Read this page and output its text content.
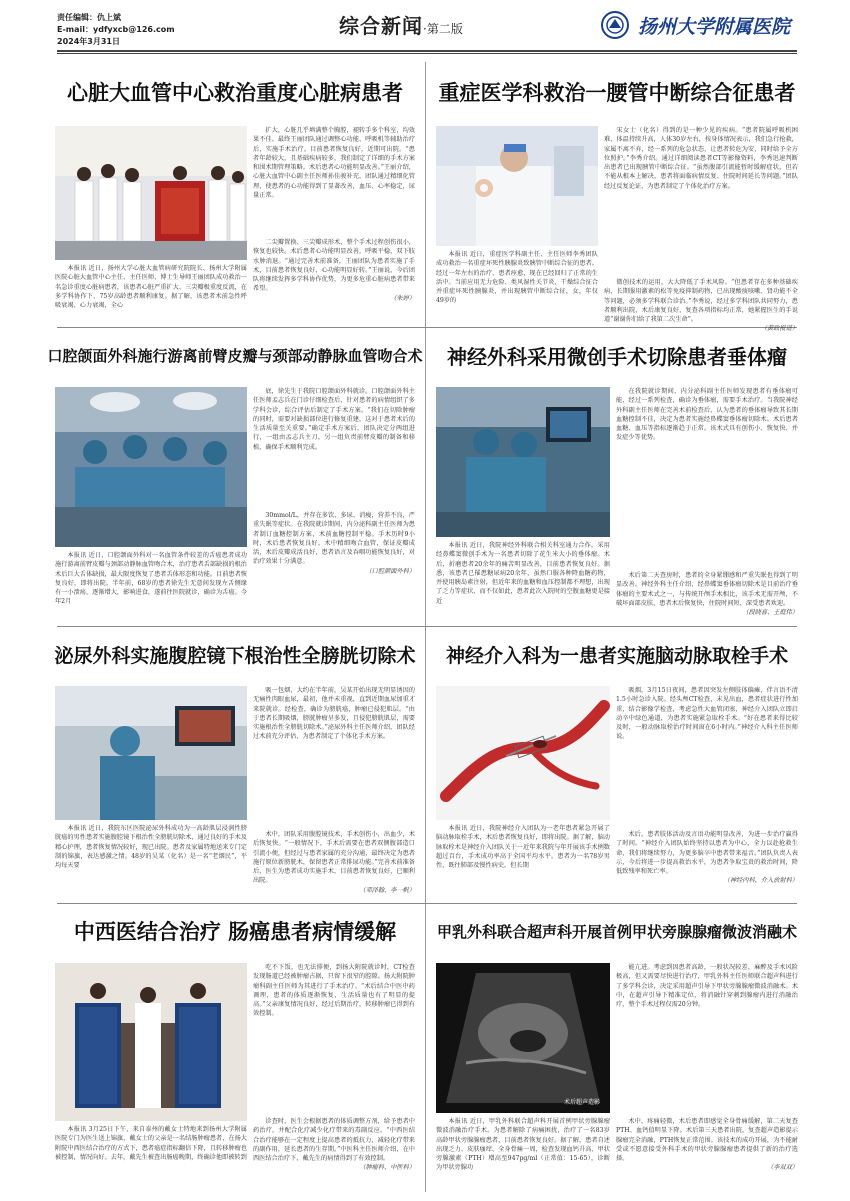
责任编辑：仇上斌
E-mail：ydfyxcb@126.com
2024年3月31日
综合新闻·第二版	扬州大学附属医院
心脏大血管中心救治重度心脏病患者

本报讯 近日，扬州大学心脏大血管病研究院院长、扬州大学附属医院心脏大血管中心主任、主任医师、博士生导师王丽团队成功救治一名急诊重度心脏病患者，该患者心脏严重扩大、三尖瓣极重度反流，在多学科协作下，75岁高龄患者顺利康复。据了解，该患者术前急性呼吸衰竭、心力衰竭，全心

扩大，心脏几乎填满整个胸腔，褪转手多个科室，均效果不佳。最终王丽团队通过调整心功能、呼吸机等辅助治疗后，实施手术治疗。目前患者恢复良好，近期可出院。“患者年龄较大，且基础疾病较多，我们制定了详细的手术方案和围术期管理策略。术后患者心功能明显改善。”王丽介绍，心脏大血管中心副主任医师孙佳骏补充，团队通过精细化管理，使患者的心功能得到了显著改善，血压、心率稳定，尿量正常。

二尖瓣置换、三尖瓣成形术，整个手术过程创伤很小，恢复也较快。术后患者心功能明显改善，呼吸平稳，双下肢水肿消退。“通过完善术前准备，王丽团队为患者实施了手术，目前患者恢复良好，心功能明显好转。”王丽说，今后团队将继续发挥多学科协作优势，为更多危重心脏病患者带来希望。

（朱婷）
重症医学科救治一腰管中断综合征患者

本报讯 近日，重症医学科副主任、主任医师李秀团队成功救治一名重症坏死性胰腺炎致胰管中断综合征的患者。经过一年左右的治疗，患者痊愈，现在已经回归了正常的生活中。当前应用无力危险、类风湿性关节炎、干燥综合征合并重症坏死性胰腺炎，并出现胰管中断综合征，女，年仅49岁的

宋女士（化名）得到的是一种少见的疾病。“患者院属呼吸机困难，体温持续升高，人体30岁左右，按身体情况表示，我们急行抢救，家属不离不弃，经一系列的危急状态，让患者转危为安，同时给予全方位照护。”李秀介绍。通过详细阅读患者CT等影像资料，李秀迅速判断出患者已出现胰管中断综合征。“虽然腹部引流能暂时缓解症状，但若不能从根本上解决，患者将面临病情反复、住院时间延长等问题。”团队经过反复论证，为患者制定了个体化治疗方案。

微创技术的运用，大大降低了手术风险。“但患者存在多种基础疾病，长期服用激素的松等免疫抑制药物，已出现酸痰咳嗽、肾功能不全等问题，必须多学科联合诊治。”李秀说，经过多学科团队共同努力，患者顺利出院，术后康复良好，复查各项指标均正常，她紧握医生的手说道“谢谢你们给了我第二次生命”。

（黄政报道）
口腔颌面外科施行游离前臂皮瓣与颈部动静脉血管吻合术

本报讯 近日，口腔颌面外科对一名血管条件较差的舌癌患者成功施行游离前臂皮瓣与颈部动静脉血管吻合术，治疗患者舌部缺损的根治术后巨大舌体缺损，最大限度恢复了患者舌体形态和功能。目前患者恢复良好，即将出院。半年前，68岁的患者徐先生无意间发现左舌侧缘有一小溃疡，逐渐增大，影响进食，遂前往医院就诊，确诊为舌癌。今年2月

底，徐先生于我院口腔颌面外科就诊。口腔颌面外科主任医师孟志兵在门诊仔细检查后，针对患者的病情组织了多学科会诊，综合评估后制定了手术方案。“我们在切除肿瘤的同时，需要对缺损部位进行修复重建，这对于患者术后的生活质量至关重要。”确定手术方案后，团队决定分两组进行，一组由孟志兵主刀，另一组负责前臂皮瓣的制备和移植，确保手术顺利完成。

30mmol/L，并存在多饮、多尿、消瘦，营养不良，严重失眠等症状。在我院就诊期间，内分泌科副主任医师为患者制订血糖控制方案，术前血糖控制平稳。手术历时9小时，术后患者恢复良好。术中精细吻合血管，保证皮瓣成活，术后皮瓣成活良好，患者语言及吞咽功能恢复良好，对治疗效果十分满意。

（口腔颌面外科）
神经外科采用微创手术切除患者垂体瘤

本报讯 近日，我院神经外科联合相关科室通力合作，采用经鼻蝶窦微创手术为一名患者切除了花生米大小的垂体瘤。术后，折磨患者20余年的痛苦明显改善，目前患者恢复良好。据悉，该患者已罹患糖尿病20余年，虽然口服各种降血糖药物，并使用胰岛素注射，但近年来的血糖和血压控制都不理想，出现了乏力等症状，而不仅如此，患者此次入院时的空腹血糖更是接近

在我院就诊期间，内分泌科副主任医师发现患者有垂体瘤可能，经过一系列检查，确诊为垂体瘤，需要手术治疗。当我院神经外科副主任医师在完善术前检查后，认为患者的垂体瘤导致其长期血糖控制不佳，决定为患者实施经鼻蝶窦垂体瘤切除术。术后患者血糖、血压等指标逐渐趋于正常。该术式具有创伤小、恢复快、并发症少等优势。

术后第二天查房时，患者的全身紧绷感和严重失眠也得到了明显改善。神经外科主任介绍，经鼻蝶窦垂体瘤切除术是目前治疗垂体瘤的主要术式之一，与传统开颅手术相比，该手术无需开颅，不破坏面部皮肤，患者术后恢复快，住院时间短，深受患者欢迎。

（段晓喜、王庭伟）
泌尿外科实施腹腔镜下根治性全膀胱切除术

本报讯 近日，我院东区医院泌尿外科成功为一高龄肌层浸润性膀胱癌的男性患者实施腹腔镜下根治性全膀胱切除术，通过良好的手术及精心护理，患者恢复情况较好，现已出院。患者及家属特地送来专门定制的锦旗，表达感激之情。48岁的吴某（化名）是一名“老烟民”，平均每天要

吸一包烟，大约在半年前，吴某开始出现无明显诱因的无痛性肉眼血尿，最初，他并未重视，直到近期血尿加重才来院就诊。经检查，确诊为膀胱癌，肿瘤已侵犯肌层。“由于患者长期吸烟，膀胱肿瘤呈多发，且侵犯膀胱肌层，需要实施根治性全膀胱切除术。”泌尿外科主任医师介绍，团队经过术前充分评估，为患者制定了个体化手术方案。

术中，团队采用腹腔镜技术，手术创伤小，出血少，术后恢复快。“一般情况下，手术后需要在患者双侧腹部造口引流小便，但经过与患者家属的充分沟通，最终决定为患者施行原位新膀胱术，保留患者正常排尿功能。”完善术前准备后，医生为患者成功实施手术，目前患者恢复良好，已顺利出院。

（邓泽翰、李一帆）
神经介入科为一患者实施脑动脉取栓手术

本报讯 近日，我院神经介入团队为一老年患者紧急开展了脑动脉取栓手术，术后患者恢复良好，即将出院。据了解，脑动脉取栓术是神经介入团队关于一近年来我院与年开展该手术例数超过百台，手术成功率高于全国平均水平。患者为一名78岁男性，既往肺部及慢性病史，但长期

吸烟，3月15日夜间，患者因突发左侧肢体偏瘫，伴言语不清1.5小时急诊入院。经头颅CT检查，未见出血，患者症状进行性加重，结合影像学检查，考虑急性大血管闭塞，神经介入团队立即启动卒中绿色通道，为患者实施紧急取栓手术。“好在患者来得比较及时，一般动脉取栓治疗时间窗在6小时内。”神经介入科主任医师说。

术后，患者肢体活动及言语功能明显改善，为进一步治疗赢得了时间。“神经介入团队始终坚持以患者为中心，全力以赴抢救生命，我们将继续努力，为更多脑卒中患者带来福音。”团队负责人表示，今后将进一步提高救治水平，为患者争取宝贵的救治时间，降低致残率和死亡率。

（神经内科、介入放射科）
中西医结合治疗 肠癌患者病情缓解

本报讯 3月25日下午，来自泰州的戴女士特地来到扬州大学附属医院专门为医生送上锦旗，戴女士的父亲是一名结肠肿瘤患者，在扬大附院中西医结合治疗的方式下，患者癌症指标翻倍下降，且转移肿瘤也被控制，情况向好。去年，戴先生被查出肠癌晚期，终确诊他即被转到

吃不下饭，也无法排便，到扬大附院就诊时，CT检查发现肠道已经被肿瘤占据，只留下很窄的腔隙。扬大附院肿瘤科副主任医师为其进行了手术治疗。“术后结合中医中药调理，患者的体质逐渐恢复，生活质量也有了明显的提高。”父亲康复情况良好，经过后期治疗，转移肿瘤已得到有效控制。

诊查时，医生会根据患者的体质调整方剂，给予患者中药治疗，并配合化疗减少化疗带来的毒副反应。“中西医结合治疗能够在一定程度上提高患者的抵抗力，减轻化疗带来的副作用，延长患者的生存期。”中医科主任医师介绍，在中西医结合治疗下，戴先生的病情得到了有效控制。

（肿瘤科、中医科）
甲乳外科联合超声科开展首例甲状旁腺腺瘤微波消融术
术后超声造影

本报讯 近日，甲乳外科联合超声科开展首例甲状旁腺腺瘤微波消融治疗手术。为患者解除了病痛困扰，治疗了一名83岁高龄甲状旁腺腺瘤患者，目前患者恢复良好。据了解，患者自述出现乏力、皮肤瘙痒、全身骨痛一周，检查发现血钙升高、甲状旁腺激素（PTH）增高至947pg/ml（正常值：15-65），诊断为甲状旁腺功

能亢进。考虑到因患者高龄，一般状况较差，麻醉及手术风险极高，但又需要尽快进行治疗，甲乳外科主任医师联合超声科进行了多学科会诊，决定采用超声引导下甲状旁腺腺瘤微波消融术。术中，在超声引导下精准定位，将消融针穿刺到腺瘤内进行消融治疗，整个手术过程仅需20分钟。

术中，疼痛轻微，术后患者即感觉全身骨痛缓解，第二天复查PTH、血钙值明显下降。术后第三天患者出院，复查超声造影提示腺瘤完全消融，PTH恢复正常范围。该技术的成功开展，为不能耐受或不愿意接受外科手术的甲状旁腺腺瘤患者提供了新的治疗选择。

（李双双）
